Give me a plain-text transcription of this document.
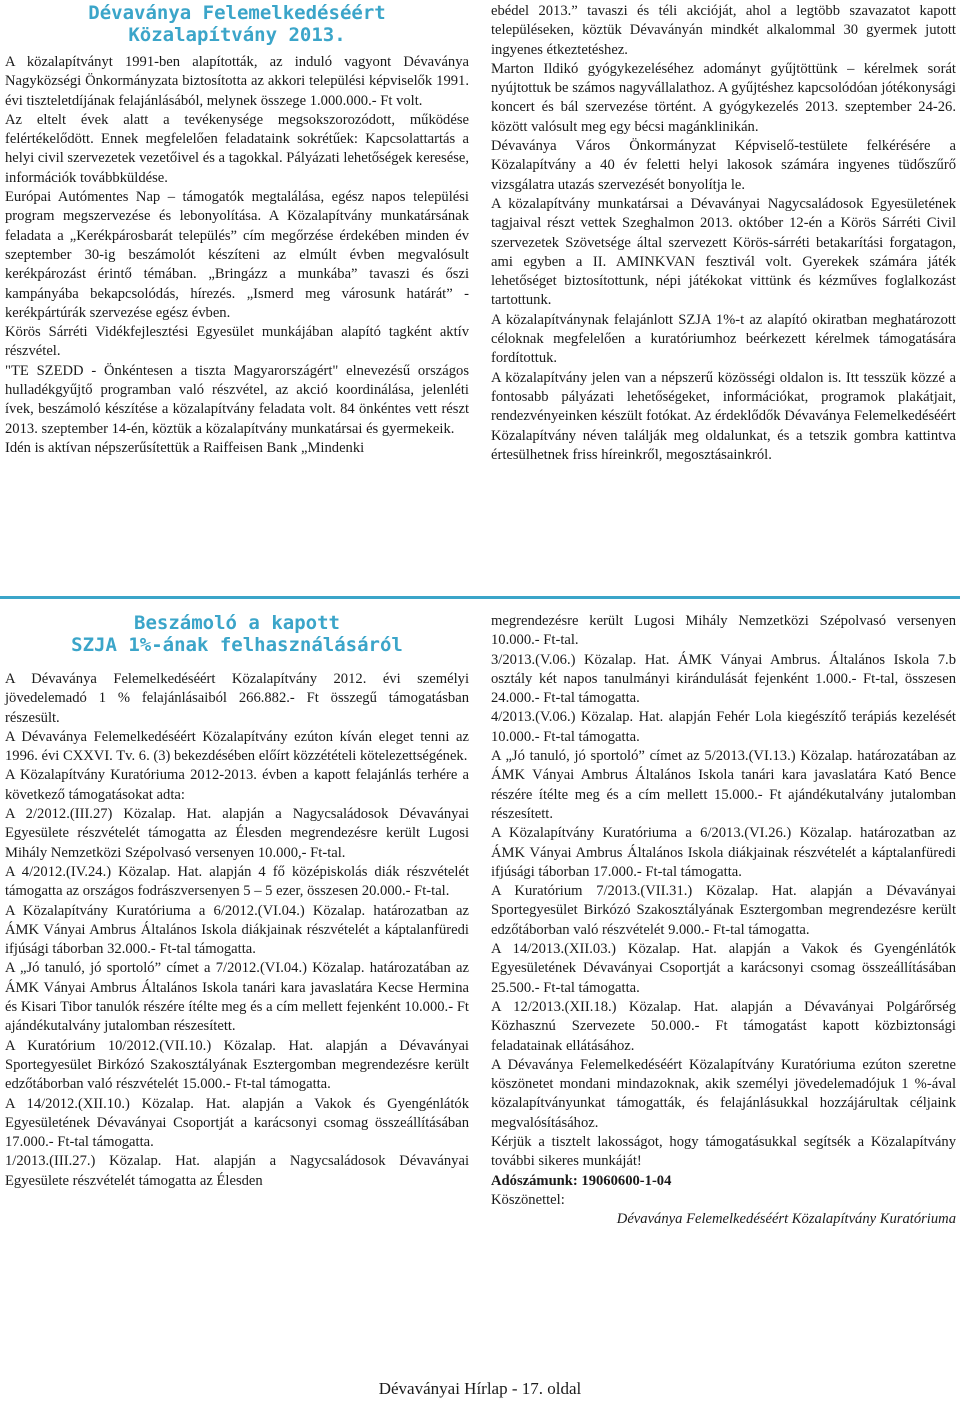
Dévaványa Felemelkedéséért
Közalapítvány 2013.

A közalapítványt 1991-ben alapították, az induló vagyont Dévaványa Nagyközségi Önkormányzata biztosította az akkori települési képviselők 1991. évi tiszteletdíjának felajánlásából, melynek összege 1.000.000.- Ft volt.

Az eltelt évek alatt a tevékenysége megsokszorozódott, működése felértékelődött. Ennek megfelelően feladataink sokrétűek: Kapcsolattartás a helyi civil szervezetek vezetőivel és a tagokkal. Pályázati lehetőségek keresése, információk továbbküldése.

Európai Autómentes Nap – támogatók megtalálása, egész napos települési program megszervezése és lebonyolítása. A Közalapítvány munkatársának feladata a „Kerékpárosbarát település” cím megőrzése érdekében minden év szeptember 30-ig beszámolót készíteni az elmúlt évben megvalósult kerékpározást érintő témában. „Bringázz a munkába” tavaszi és őszi kampányába bekapcsolódás, hírezés. „Ismerd meg városunk határát” - kerékpártúrák szervezése egész évben.

Körös Sárréti Vidékfejlesztési Egyesület munkájában alapító tagként aktív részvétel.

"TE SZEDD - Önkéntesen a tiszta Magyarországért" elnevezésű országos hulladékgyűjtő programban való részvétel, az akció koordinálása, jelenléti ívek, beszámoló készítése a közalapítvány feladata volt. 84 önkéntes vett részt 2013. szeptember 14-én, köztük a közalapítvány munkatársai és gyermekeik.

Idén is aktívan népszerűsítettük a Raiffeisen Bank „Mindenki

ebédel 2013.” tavaszi és téli akcióját, ahol a legtöbb szavazatot kapott településeken, köztük Dévaványán mindkét alkalommal 30 gyermek jutott ingyenes étkeztetéshez.

Marton Ildikó gyógykezeléséhez adományt gyűjtöttünk – kérelmek sorát nyújtottuk be számos nagyvállalathoz. A gyűjtéshez kapcsolódóan jótékonysági koncert és bál szervezése történt. A gyógykezelés 2013. szeptember 24-26. között valósult meg egy bécsi magánklinikán.

Dévaványa Város Önkormányzat Képviselő-testülete felkérésére a Közalapítvány a 40 év feletti helyi lakosok számára ingyenes tüdőszűrő vizsgálatra utazás szervezését bonyolítja le.

A közalapítvány munkatársai a Dévaványai Nagycsaládosok Egyesületének tagjaival részt vettek Szeghalmon 2013. október 12-én a Körös Sárréti Civil szervezetek Szövetsége által szervezett Körös-sárréti betakarítási forgatagon, ami egyben a II. AMINKVAN fesztivál volt. Gyerekek számára játék lehetőséget biztosítottunk, népi játékokat vittünk és kézműves foglalkozást tartottunk.

A közalapítványnak felajánlott SZJA 1%-t az alapító okiratban meghatározott céloknak megfelelően a kuratóriumhoz beérkezett kérelmek támogatására fordítottuk.

A közalapítvány jelen van a népszerű közösségi oldalon is. Itt tesszük közzé a fontosabb pályázati lehetőségeket, információkat, programok plakátjait, rendezvényeinken készült fotókat. Az érdeklődők Dévaványa Felemelkedéséért Közalapítvány néven találják meg oldalunkat, és a tetszik gombra kattintva értesülhetnek friss híreinkről, megosztásainkról.

Beszámoló a kapott
SZJA 1%-ának felhasználásáról

A Dévaványa Felemelkedéséért Közalapítvány 2012. évi személyi jövedelemadó 1 % felajánlásaiból 266.882.- Ft összegű támogatásban részesült.

A Dévaványa Felemelkedéséért Közalapítvány ezúton kíván eleget tenni az 1996. évi CXXVI. Tv. 6. (3) bekezdésében előírt közzétételi kötelezettségének.

A Közalapítvány Kuratóriuma 2012-2013. évben a kapott felajánlás terhére a következő támogatásokat adta:

A 2/2012.(III.27) Közalap. Hat. alapján a Nagycsaládosok Dévaványai Egyesülete részvételét támogatta az Élesden megrendezésre került Lugosi Mihály Nemzetközi Szépolvasó versenyen 10.000,- Ft-tal.

A 4/2012.(IV.24.) Közalap. Hat. alapján 4 fő középiskolás diák részvételét támogatta az országos fodrászversenyen 5 – 5 ezer, összesen 20.000.- Ft-tal.

A Közalapítvány Kuratóriuma a 6/2012.(VI.04.) Közalap. határozatban az ÁMK Ványai Ambrus Általános Iskola diákjainak részvételét a káptalanfüredi ifjúsági táborban 32.000.- Ft-tal támogatta.

A „Jó tanuló, jó sportoló” címet a 7/2012.(VI.04.) Közalap. határozatában az ÁMK Ványai Ambrus Általános Iskola tanári kara javaslatára Kecse Hermina és Kisari Tibor tanulók részére ítélte meg és a cím mellett fejenként 10.000.- Ft ajándékutalvány jutalomban részesített.

A Kuratórium 10/2012.(VII.10.) Közalap. Hat. alapján a Dévaványai Sportegyesület Birkózó Szakosztályának Esztergomban megrendezésre került edzőtáborban való részvételét 15.000.- Ft-tal támogatta.

A 14/2012.(XII.10.) Közalap. Hat. alapján a Vakok és Gyengénlátók Egyesületének Dévaványai Csoportját a karácsonyi csomag összeállításában 17.000.- Ft-tal támogatta.

1/2013.(III.27.) Közalap. Hat. alapján a Nagycsaládosok Dévaványai Egyesülete részvételét támogatta az Élesden

megrendezésre került Lugosi Mihály Nemzetközi Szépolvasó versenyen 10.000.- Ft-tal.

3/2013.(V.06.) Közalap. Hat. ÁMK Ványai Ambrus. Általános Iskola 7.b osztály két napos tanulmányi kirándulását fejenként 1.000.- Ft-tal, összesen 24.000.- Ft-tal támogatta.

4/2013.(V.06.) Közalap. Hat. alapján Fehér Lola kiegészítő terápiás kezelését 10.000.- Ft-tal támogatta.

A „Jó tanuló, jó sportoló” címet az 5/2013.(VI.13.) Közalap. határozatában az ÁMK Ványai Ambrus Általános Iskola tanári kara javaslatára Kató Bence részére ítélte meg és a cím mellett 15.000.- Ft ajándékutalvány jutalomban részesített.

A Közalapítvány Kuratóriuma a 6/2013.(VI.26.) Közalap. határozatban az ÁMK Ványai Ambrus Általános Iskola diákjainak részvételét a káptalanfüredi ifjúsági táborban 17.000.- Ft-tal támogatta.

A Kuratórium 7/2013.(VII.31.) Közalap. Hat. alapján a Dévaványai Sportegyesület Birkózó Szakosztályának Esztergomban megrendezésre került edzőtáborban való részvételét 9.000.- Ft-tal támogatta.

A 14/2013.(XII.03.) Közalap. Hat. alapján a Vakok és Gyengénlátók Egyesületének Dévaványai Csoportját a karácsonyi csomag összeállításában 25.500.- Ft-tal támogatta.

A 12/2013.(XII.18.) Közalap. Hat. alapján a Dévaványai Polgárőrség Közhasznú Szervezete 50.000.- Ft támogatást kapott közbiztonsági feladatainak ellátásához.

A Dévaványa Felemelkedéséért Közalapítvány Kuratóriuma ezúton szeretne köszönetet mondani mindazoknak, akik személyi jövedelemadójuk 1 %-ával közalapítványunkat támogatták, és felajánlásukkal hozzájárultak céljaink megvalósításához.

Kérjük a tisztelt lakosságot, hogy támogatásukkal segítsék a Közalapítvány további sikeres munkáját!

Adószámunk: 19060600-1-04

Köszönettel:

Dévaványa Felemelkedéséért Közalapítvány Kuratóriuma

Dévaványai Hírlap - 17. oldal
